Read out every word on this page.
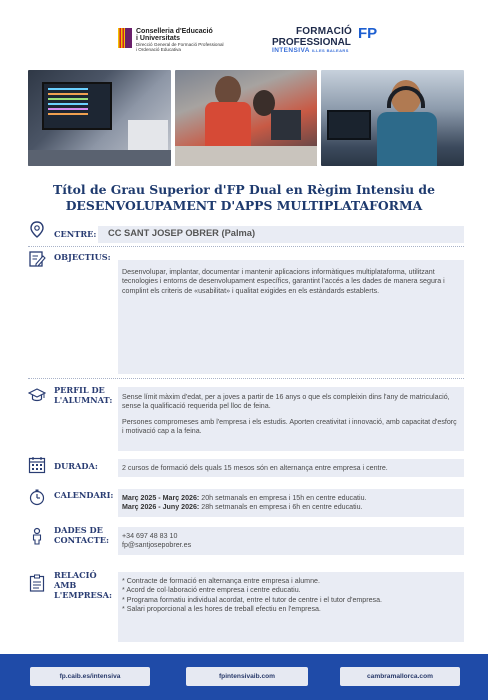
Conselleria d'Educació
i Universitats
Direcció General de Formació Professional
i Ordenació Educativa
FORMACIÓ
PROFESSIONAL
INTENSIVA ILLES BALEARS
FP
Títol de Grau Superior d'FP Dual en Règim Intensiu de
DESENVOLUPAMENT D'APPS MULTIPLATAFORMA
CENTRE:	CC SANT JOSEP OBRER (Palma)
OBJECTIUS:

Desenvolupar, implantar, documentar i mantenir aplicacions informàtiques multiplataforma, utilitzant tecnologies i entorns de desenvolupament específics, garantint l'accés a les dades de manera segura i complint els criteris de «usabilitat» i qualitat exigides en els estàndards establerts.

PERFIL DE
L'ALUMNAT: Sense límit màxim d'edat, per a joves a partir de 16 anys o que els compleixin dins l'any de matriculació, sense la qualificació requerida pel lloc de feina.

Persones compromeses amb l'empresa i els estudis. Aporten creativitat i innovació, amb capacitat d'esforç i motivació cap a la feina.

DURADA:	2 cursos de formació dels quals 15 mesos són en alternança entre empresa i centre.
CALENDARI: Març 2025 - Març 2026: 20h setmanals en empresa i 15h en centre educatiu.
Març 2026 - Juny 2026: 28h setmanals en empresa i 6h en centre educatiu.
DADES DE
CONTACTE: +34 697 48 83 10
fp@santjosepobrer.es
RELACIÓ
AMB
L'EMPRESA:
* Contracte de formació en alternança entre empresa i alumne.
* Acord de col·laboració entre empresa i centre educatiu.
* Programa formatiu individual acordat, entre el tutor de centre i el tutor d'empresa.
* Salari proporcional a les hores de treball efectiu en l'empresa.
fp.caib.es/intensiva	fpintensivaib.com	cambramallorca.com
